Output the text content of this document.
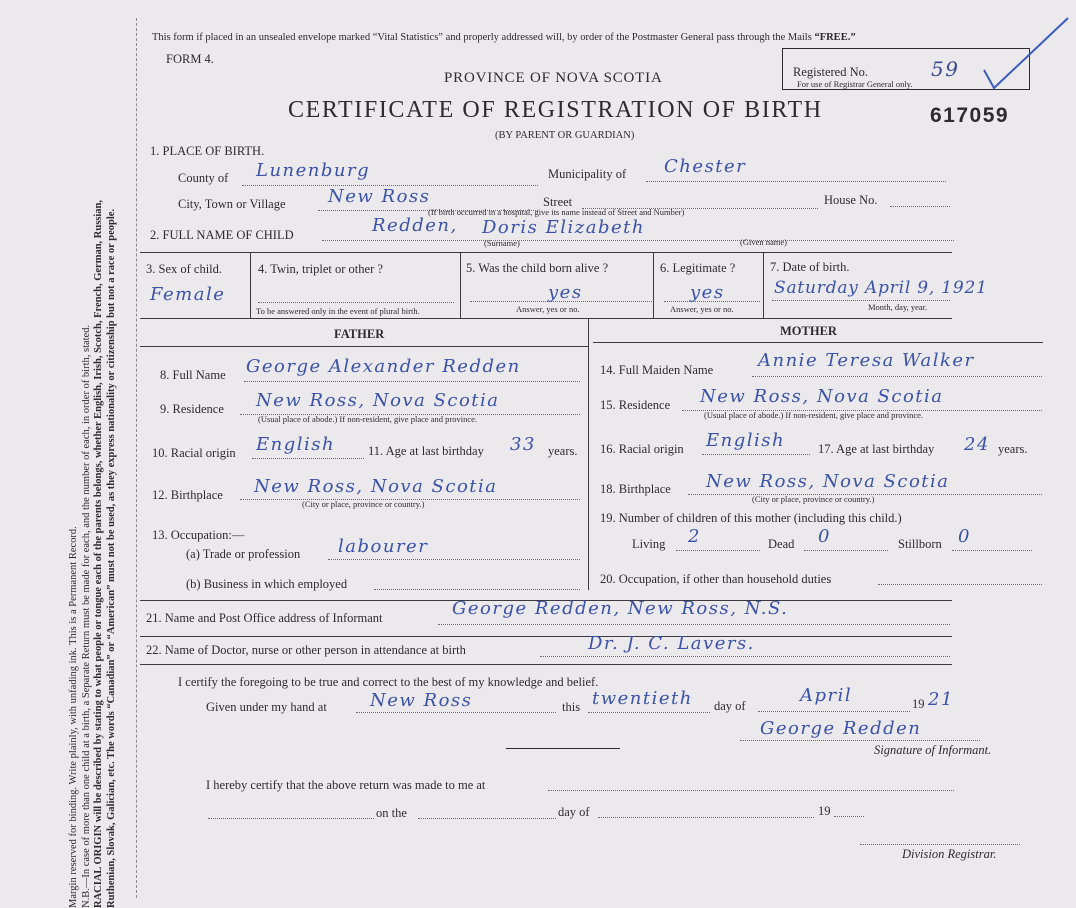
Margin reserved for binding. Write plainly, with unfading ink. This is a Permanent Record. N.B.—In case of more than one child at a birth, a Separate Return must be made for each, and the number of each, in order of birth, stated. RACIAL ORIGIN will be described by stating to what people or tongue each of the parents belongs, whether English, Irish, Scotch, French, German, Russian, Ruthenian, Slovak, Galician, etc. The words “Canadian” or “American” must not be used, as they express nationality or citizenship but not a race or people.
This form if placed in an unsealed envelope marked “Vital Statistics” and properly addressed will, by order of the Postmaster General pass through the Mails “FREE.”
FORM 4.
PROVINCE OF NOVA SCOTIA	Registered No.	59
For use of Registrar General only.
CERTIFICATE OF REGISTRATION OF BIRTH	617059
(BY PARENT OR GUARDIAN)
1. PLACE OF BIRTH.
County of Lunenburg	Municipality of Chester
City, Town or Village New Ross	Street	House No.
(If birth occurred in a hospital, give its name instead of Street and Number)
2. FULL NAME OF CHILD	Redden, Doris Elizabeth
(Surname)	(Given name)
3. Sex of child.
Female
4. Twin, triplet or other ?
To be answered only in the event of plural birth.
5. Was the child born alive ?
yes
Answer, yes or no.
6. Legitimate ?
yes
Answer, yes or no.
7. Date of birth.
Saturday April 9, 1921
Month, day, year.
FATHER	MOTHER
8. Full Name George Alexander Redden
9. Residence New Ross, Nova Scotia
(Usual place of abode.) If non-resident, give place and province.
10. Racial origin English	11. Age at last birthday 33 years.
12. Birthplace New Ross, Nova Scotia
(City or place, province or country.)
13. Occupation:—
(a) Trade or profession labourer
(b) Business in which employed
14. Full Maiden Name Annie Teresa Walker
15. Residence New Ross, Nova Scotia
(Usual place of abode.) If non-resident, give place and province.
16. Racial origin English	17. Age at last birthday 24 years.
18. Birthplace New Ross, Nova Scotia
(City or place, province or country.)
19. Number of children of this mother (including this child.)
Living 2	Dead 0	Stillborn 0
20. Occupation, if other than household duties
21. Name and Post Office address of Informant	George Redden, New Ross, N.S.
22. Name of Doctor, nurse or other person in attendance at birth	Dr. J. C. Lavers.
I certify the foregoing to be true and correct to the best of my knowledge and belief.
Given under my hand at New Ross	this twentieth day of	April	19 21
George Redden
Signature of Informant.
I hereby certify that the above return was made to me at
on the	day of	19
Division Registrar.
